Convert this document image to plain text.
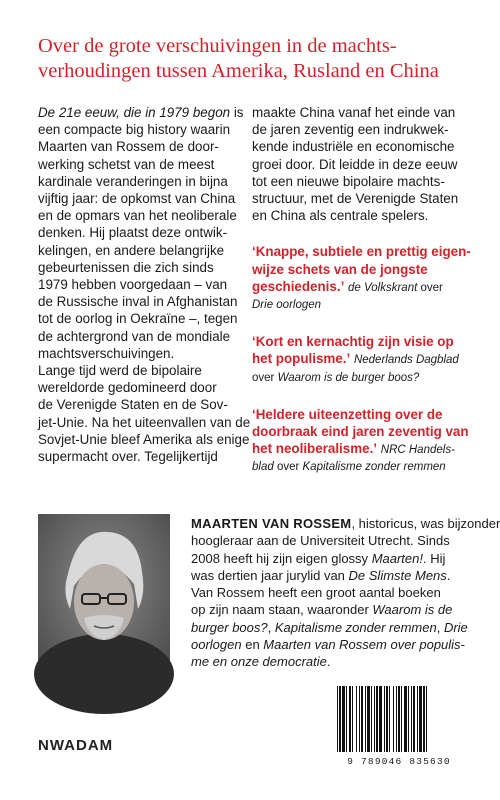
Over de grote verschuivingen in de machts-
verhoudingen tussen Amerika, Rusland en China
De 21e eeuw, die in 1979 begon is
een compacte big history waarin
Maarten van Rossem de door-
werking schetst van de meest
kardinale veranderingen in bijna
vijftig jaar: de opkomst van China
en de opmars van het neoliberale
denken. Hij plaatst deze ontwik-
kelingen, en andere belangrijke
gebeurtenissen die zich sinds
1979 hebben voorgedaan – van
de Russische inval in Afghanistan
tot de oorlog in Oekraïne –, tegen
de achtergrond van de mondiale
machtsverschuivingen.
Lange tijd werd de bipolaire
wereldorde gedomineerd door
de Verenigde Staten en de Sov-
jet-Unie. Na het uiteenvallen van de
Sovjet-Unie bleef Amerika als enige
supermacht over. Tegelijkertijd
maakte China vanaf het einde van
de jaren zeventig een indrukwek-
kende industriële en economische
groei door. Dit leidde in deze eeuw
tot een nieuwe bipolaire machts-
structuur, met de Verenigde Staten
en China als centrale spelers.
‘Knappe, subtiele en prettig eigen-
wijze schets van de jongste
geschiedenis.’ de Volkskrant over
Drie oorlogen
‘Kort en kernachtig zijn visie op
het populisme.’ Nederlands Dagblad
over Waarom is de burger boos?
‘Heldere uiteenzetting over de
doorbraak eind jaren zeventig van
het neoliberalisme.’ NRC Handels-
blad over Kapitalisme zonder remmen
MAARTEN VAN ROSSEM, historicus, was bijzonder
hoogleraar aan de Universiteit Utrecht. Sinds
2008 heeft hij zijn eigen glossy Maarten!. Hij
was dertien jaar jurylid van De Slimste Mens.
Van Rossem heeft een groot aantal boeken
op zijn naam staan, waaronder Waarom is de
burger boos?, Kapitalisme zonder remmen, Drie
oorlogen en Maarten van Rossem over populis-
me en onze democratie.
NWADAM
9 789046 835630
